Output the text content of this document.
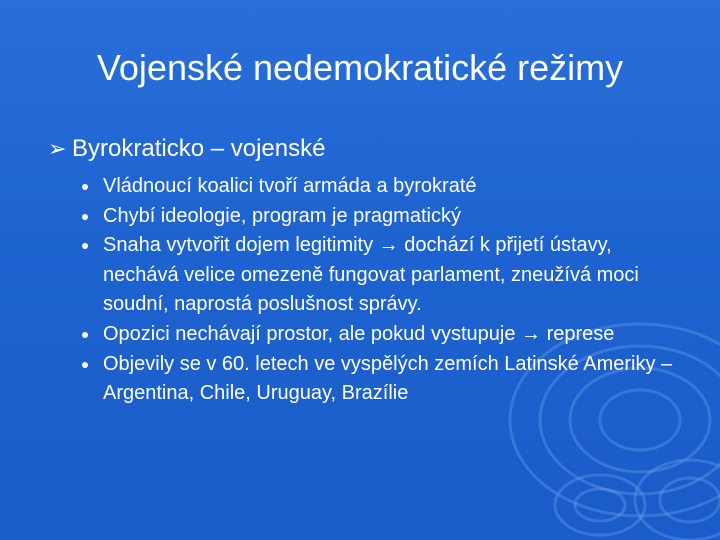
Vojenské nedemokratické režimy
➢ Byrokraticko – vojenské
Vládnoucí koalici tvoří armáda a byrokraté
Chybí ideologie, program je pragmatický
Snaha vytvořit dojem legitimity → dochází k přijetí ústavy, nechává velice omezeně fungovat parlament, zneužívá moci soudní, naprostá poslušnost správy.
Opozici nechávají prostor, ale pokud vystupuje → represe
Objevily se v 60. letech ve vyspělých zemích Latinské Ameriky – Argentina, Chile, Uruguay, Brazílie
